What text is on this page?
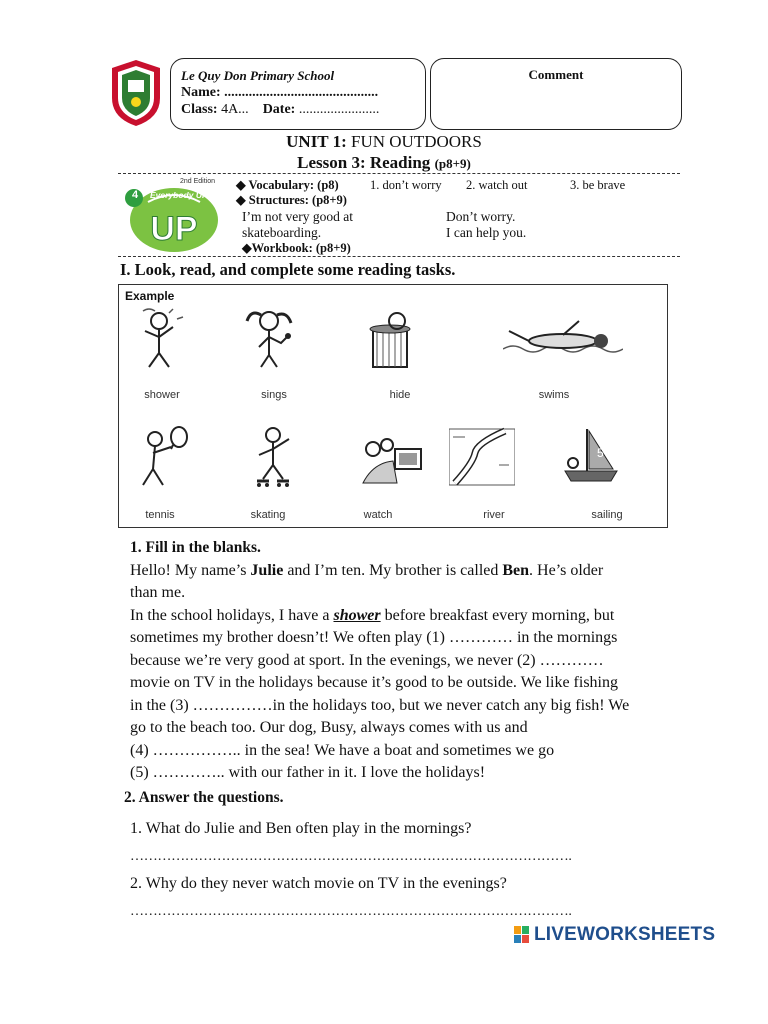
Le Quy Don Primary School
Name: ............................................
Class: 4A... Date: .......................
Comment
UNIT 1: FUN OUTDOORS
Lesson 3: Reading (p8+9)
UP
4 Everybody UP
2nd Edition ◆ Vocabulary: (p8)	1. don’t worry 2. watch out	3. be brave
◆ Structures: (p8+9)
I’m not very good at
skateboarding.
Don’t worry.
I can help you.
◆Workbook: (p8+9)
I. Look, read, and complete some reading tasks.
Example
shower	sings	hide	swims
5
tennis	skating	watch	river	sailing
1. Fill in the blanks.
Hello! My name’s Julie and I’m ten. My brother is called Ben. He’s older
than me.
In the school holidays, I have a shower before breakfast every morning, but
sometimes my brother doesn’t! We often play (1) ………… in the mornings
because we’re very good at sport. In the evenings, we never (2) …………
movie on TV in the holidays because it’s good to be outside. We like fishing
in the (3) ……………in the holidays too, but we never catch any big fish! We
go to the beach too. Our dog, Busy, always comes with us and
(4) …………….. in the sea! We have a boat and sometimes we go
(5) ………….. with our father in it. I love the holidays!
2. Answer the questions.
1. What do Julie and Ben often play in the mornings?
…………………………………………………………………………………….
2. Why do they never watch movie on TV in the evenings?
…………………………………………………………………………………….
LIVEWORKSHEETS
